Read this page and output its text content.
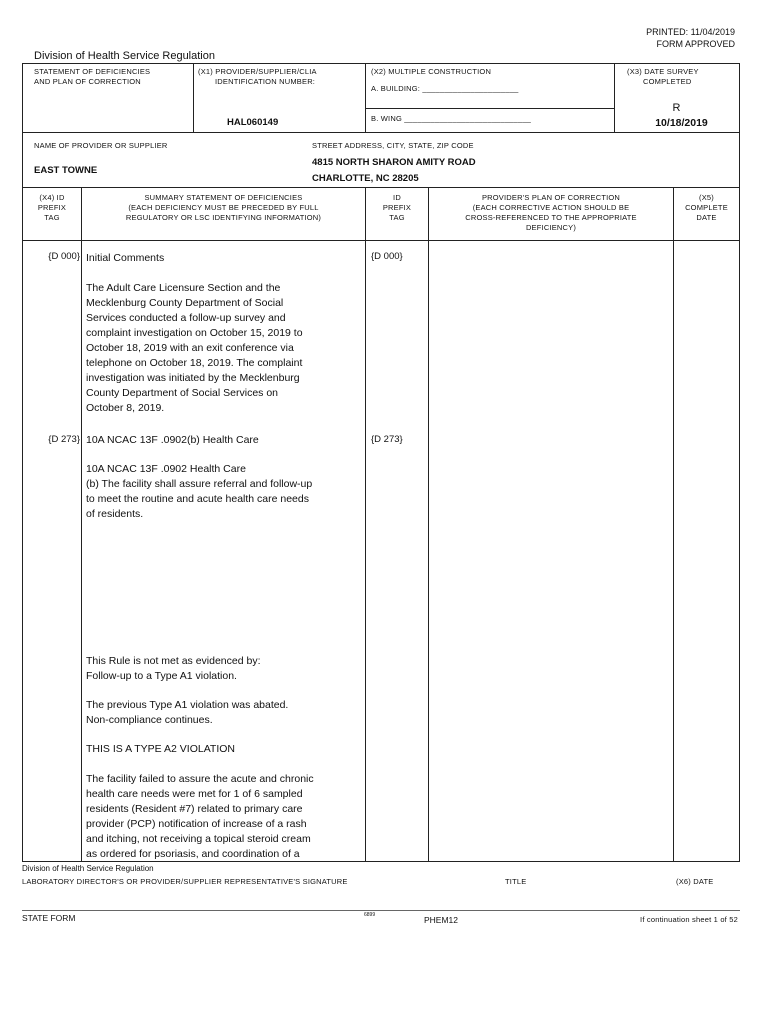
PRINTED: 11/04/2019
FORM APPROVED
Division of Health Service Regulation
STATEMENT OF DEFICIENCIES
AND PLAN OF CORRECTION
(X1) PROVIDER/SUPPLIER/CLIA
IDENTIFICATION NUMBER:
HAL060149
(X2) MULTIPLE CONSTRUCTION
A. BUILDING: ______________________
B. WING _____________________________
(X3) DATE SURVEY
COMPLETED
R
10/18/2019
NAME OF PROVIDER OR SUPPLIER
EAST TOWNE
STREET ADDRESS, CITY, STATE, ZIP CODE
4815 NORTH SHARON AMITY ROAD
CHARLOTTE, NC 28205
(X4) ID
PREFIX
TAG
SUMMARY STATEMENT OF DEFICIENCIES
(EACH DEFICIENCY MUST BE PRECEDED BY FULL
REGULATORY OR LSC IDENTIFYING INFORMATION)
ID
PREFIX
TAG
PROVIDER'S PLAN OF CORRECTION
(EACH CORRECTIVE ACTION SHOULD BE
CROSS-REFERENCED TO THE APPROPRIATE
DEFICIENCY)
(X5)
COMPLETE
DATE
{D 000}	{D 000}
Initial Comments
The Adult Care Licensure Section and the
Mecklenburg County Department of Social
Services conducted a follow-up survey and
complaint investigation on October 15, 2019 to
October 18, 2019 with an exit conference via
telephone on October 18, 2019. The complaint
investigation was initiated by the Mecklenburg
County Department of Social Services on
October 8, 2019.
{D 273}	{D 273}
10A NCAC 13F .0902(b) Health Care
10A NCAC 13F .0902 Health Care
(b) The facility shall assure referral and follow-up
to meet the routine and acute health care needs
of residents.
This Rule is not met as evidenced by:
Follow-up to a Type A1 violation.
The previous Type A1 violation was abated.
Non-compliance continues.
THIS IS A TYPE A2 VIOLATION
The facility failed to assure the acute and chronic
health care needs were met for 1 of 6 sampled
residents (Resident #7) related to primary care
provider (PCP) notification of increase of a rash
and itching, not receiving a topical steroid cream
as ordered for psoriasis, and coordination of a
Division of Health Service Regulation
LABORATORY DIRECTOR'S OR PROVIDER/SUPPLIER REPRESENTATIVE'S SIGNATURE	TITLE	(X6) DATE
STATE FORM	6899	PHEM12	If continuation sheet 1 of 52
